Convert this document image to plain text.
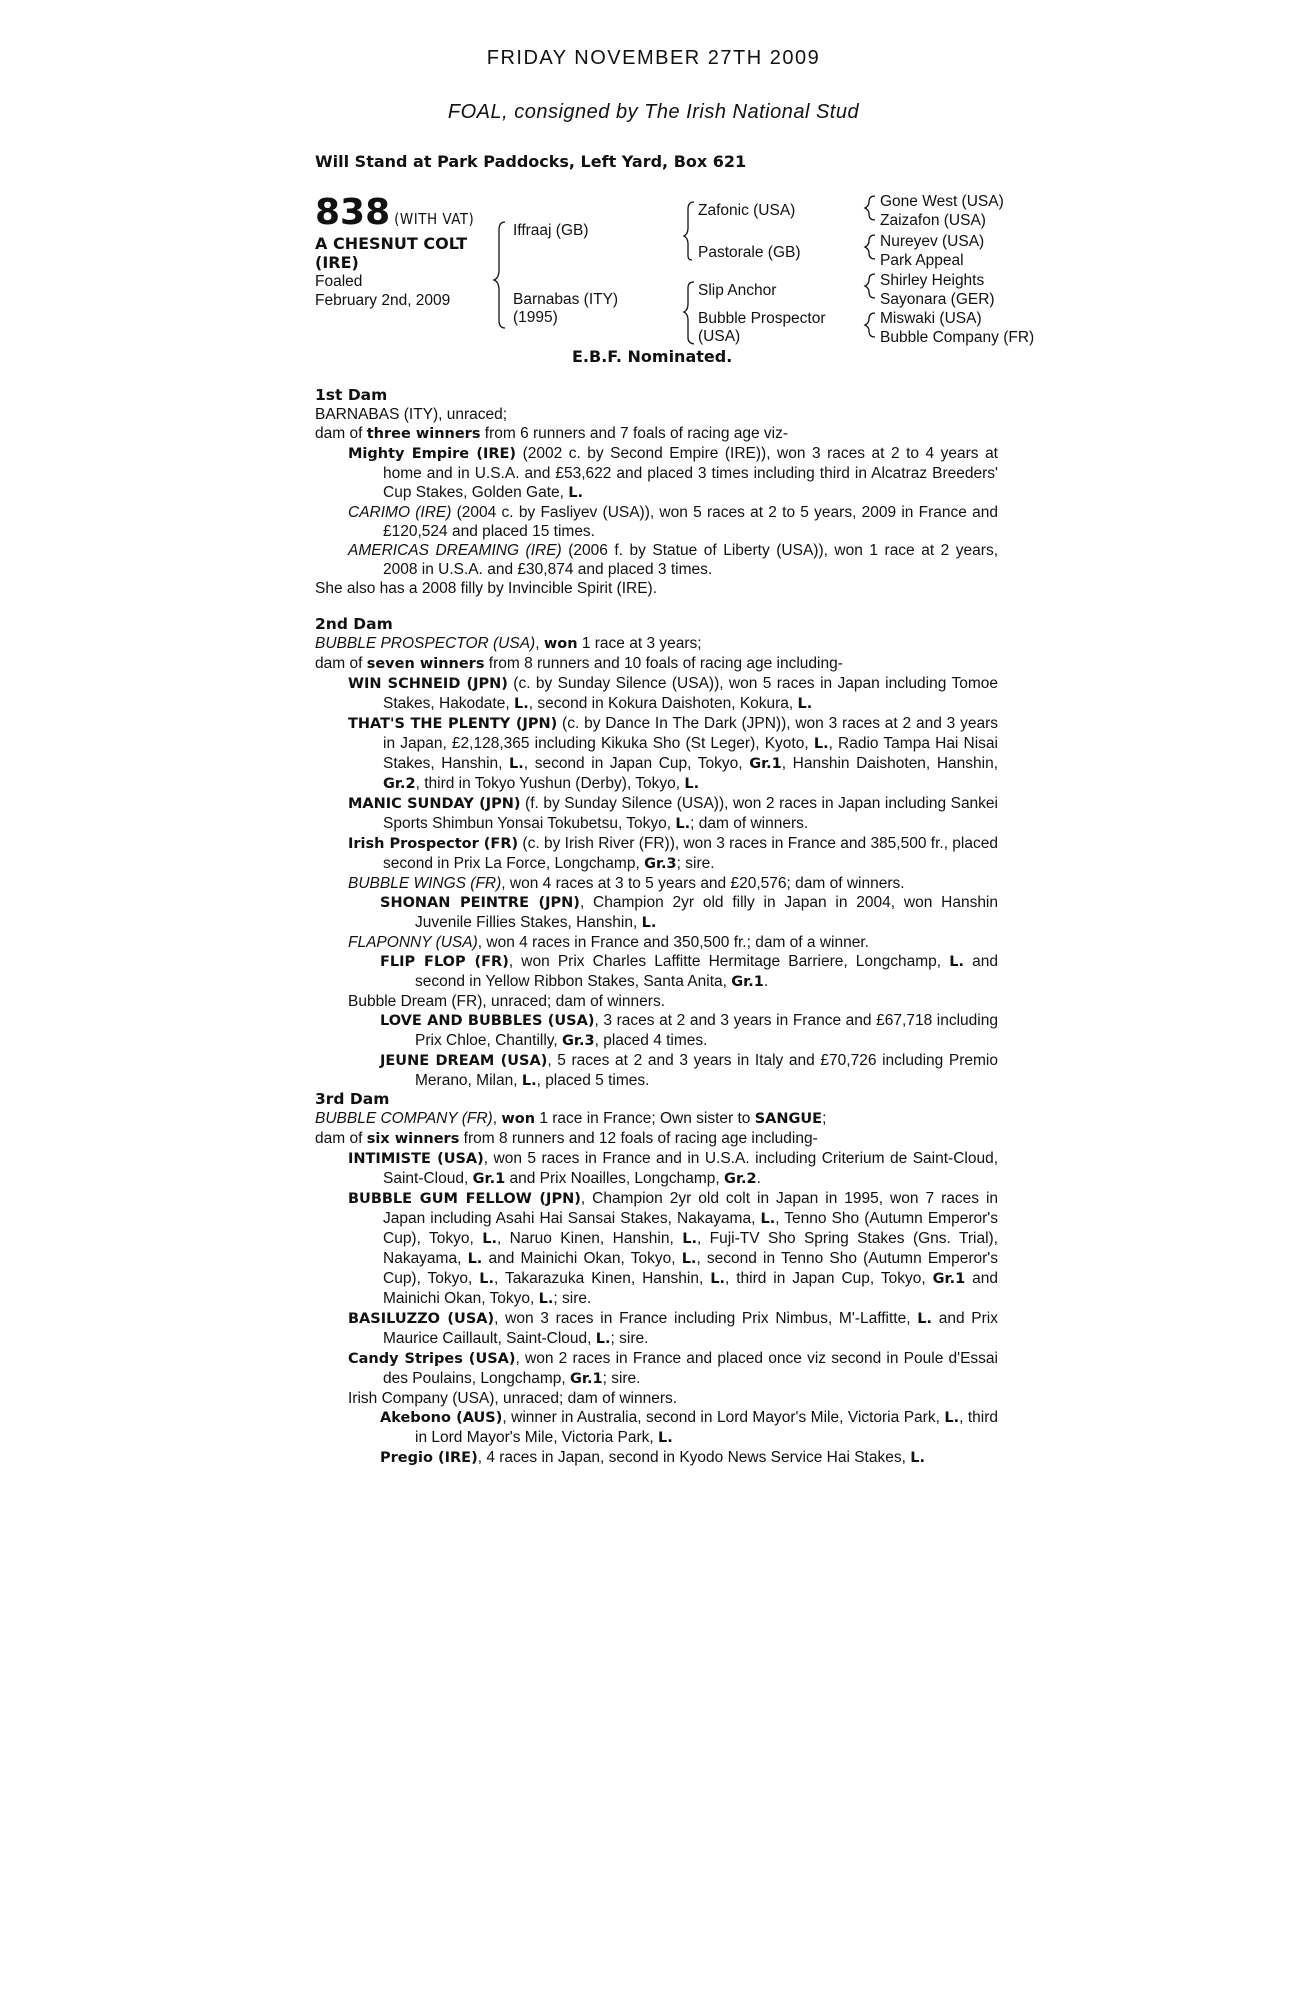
FRIDAY NOVEMBER 27TH 2009
FOAL, consigned by The Irish National Stud
Will Stand at Park Paddocks, Left Yard, Box 621
838 (WITH VAT)
A CHESNUT COLT (IRE)
Foaled
February 2nd, 2009
Iffraaj (GB)
Barnabas (ITY) (1995)
Zafonic (USA)
Pastorale (GB)
Slip Anchor
Bubble Prospector (USA)
Gone West (USA)
Zaizafon (USA)
Nureyev (USA)
Park Appeal
Shirley Heights
Sayonara (GER)
Miswaki (USA)
Bubble Company (FR)
E.B.F. Nominated.

1st Dam

BARNABAS (ITY), unraced;

dam of three winners from 6 runners and 7 foals of racing age viz-

Mighty Empire (IRE) (2002 c. by Second Empire (IRE)), won 3 races at 2 to 4 years at home and in U.S.A. and £53,622 and placed 3 times including third in Alcatraz Breeders' Cup Stakes, Golden Gate, L.

CARIMO (IRE) (2004 c. by Fasliyev (USA)), won 5 races at 2 to 5 years, 2009 in France and £120,524 and placed 15 times.

AMERICAS DREAMING (IRE) (2006 f. by Statue of Liberty (USA)), won 1 race at 2 years, 2008 in U.S.A. and £30,874 and placed 3 times.

She also has a 2008 filly by Invincible Spirit (IRE).

2nd Dam

BUBBLE PROSPECTOR (USA), won 1 race at 3 years;

dam of seven winners from 8 runners and 10 foals of racing age including-

WIN SCHNEID (JPN) (c. by Sunday Silence (USA)), won 5 races in Japan including Tomoe Stakes, Hakodate, L., second in Kokura Daishoten, Kokura, L.

THAT'S THE PLENTY (JPN) (c. by Dance In The Dark (JPN)), won 3 races at 2 and 3 years in Japan, £2,128,365 including Kikuka Sho (St Leger), Kyoto, L., Radio Tampa Hai Nisai Stakes, Hanshin, L., second in Japan Cup, Tokyo, Gr.1, Hanshin Daishoten, Hanshin, Gr.2, third in Tokyo Yushun (Derby), Tokyo, L.

MANIC SUNDAY (JPN) (f. by Sunday Silence (USA)), won 2 races in Japan including Sankei Sports Shimbun Yonsai Tokubetsu, Tokyo, L.; dam of winners.

Irish Prospector (FR) (c. by Irish River (FR)), won 3 races in France and 385,500 fr., placed second in Prix La Force, Longchamp, Gr.3; sire.

BUBBLE WINGS (FR), won 4 races at 3 to 5 years and £20,576; dam of winners.

SHONAN PEINTRE (JPN), Champion 2yr old filly in Japan in 2004, won Hanshin Juvenile Fillies Stakes, Hanshin, L.

FLAPONNY (USA), won 4 races in France and 350,500 fr.; dam of a winner.

FLIP FLOP (FR), won Prix Charles Laffitte Hermitage Barriere, Longchamp, L. and second in Yellow Ribbon Stakes, Santa Anita, Gr.1.

Bubble Dream (FR), unraced; dam of winners.

LOVE AND BUBBLES (USA), 3 races at 2 and 3 years in France and £67,718 including Prix Chloe, Chantilly, Gr.3, placed 4 times.

JEUNE DREAM (USA), 5 races at 2 and 3 years in Italy and £70,726 including Premio Merano, Milan, L., placed 5 times.

3rd Dam

BUBBLE COMPANY (FR), won 1 race in France; Own sister to SANGUE;

dam of six winners from 8 runners and 12 foals of racing age including-

INTIMISTE (USA), won 5 races in France and in U.S.A. including Criterium de Saint-Cloud, Saint-Cloud, Gr.1 and Prix Noailles, Longchamp, Gr.2.

BUBBLE GUM FELLOW (JPN), Champion 2yr old colt in Japan in 1995, won 7 races in Japan including Asahi Hai Sansai Stakes, Nakayama, L., Tenno Sho (Autumn Emperor's Cup), Tokyo, L., Naruo Kinen, Hanshin, L., Fuji-TV Sho Spring Stakes (Gns. Trial), Nakayama, L. and Mainichi Okan, Tokyo, L., second in Tenno Sho (Autumn Emperor's Cup), Tokyo, L., Takarazuka Kinen, Hanshin, L., third in Japan Cup, Tokyo, Gr.1 and Mainichi Okan, Tokyo, L.; sire.

BASILUZZO (USA), won 3 races in France including Prix Nimbus, M'-Laffitte, L. and Prix Maurice Caillault, Saint-Cloud, L.; sire.

Candy Stripes (USA), won 2 races in France and placed once viz second in Poule d'Essai des Poulains, Longchamp, Gr.1; sire.

Irish Company (USA), unraced; dam of winners.

Akebono (AUS), winner in Australia, second in Lord Mayor's Mile, Victoria Park, L., third in Lord Mayor's Mile, Victoria Park, L.

Pregio (IRE), 4 races in Japan, second in Kyodo News Service Hai Stakes, L.
